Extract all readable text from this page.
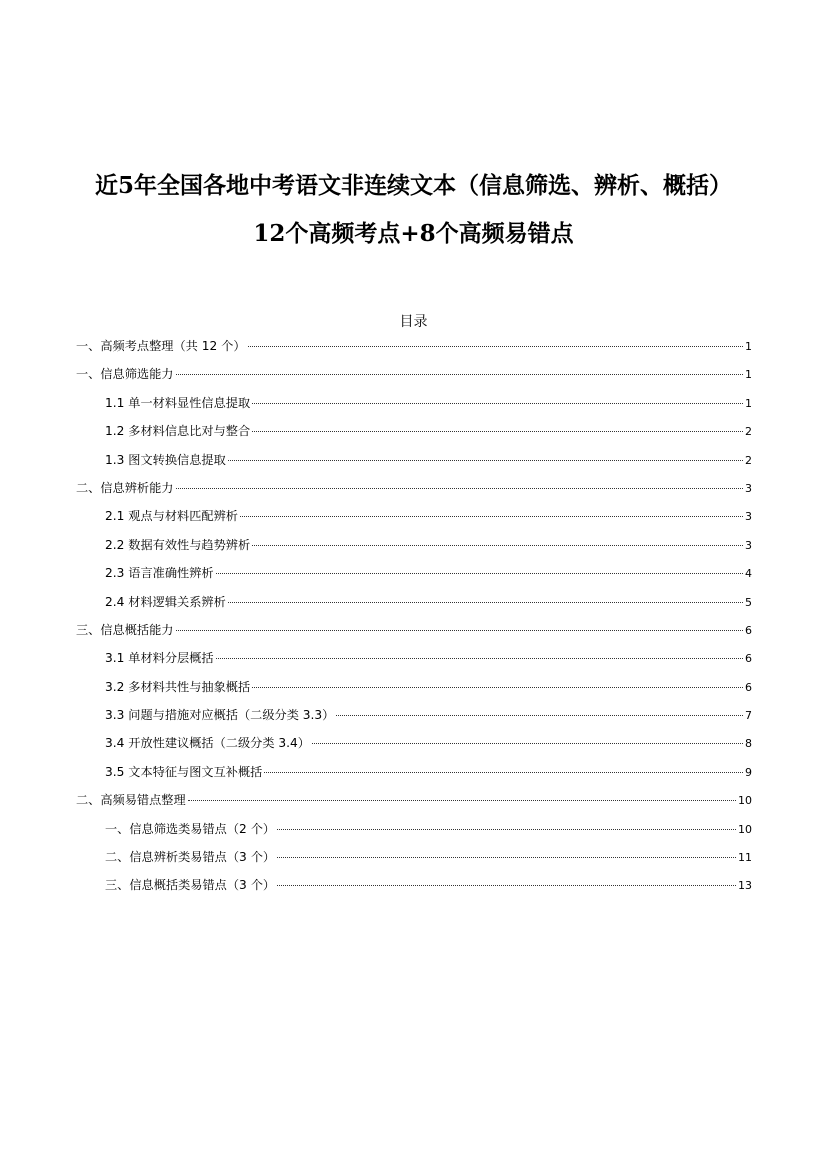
近5年全国各地中考语文非连续文本（信息筛选、辨析、概括）
12个高频考点+8个高频易错点
目录
一、高频考点整理（共 12 个）	1
一、信息筛选能力	1
1.1 单一材料显性信息提取	1
1.2 多材料信息比对与整合	2
1.3 图文转换信息提取	2
二、信息辨析能力	3
2.1 观点与材料匹配辨析	3
2.2 数据有效性与趋势辨析	3
2.3 语言准确性辨析	4
2.4 材料逻辑关系辨析	5
三、信息概括能力	6
3.1 单材料分层概括	6
3.2 多材料共性与抽象概括	6
3.3 问题与措施对应概括（二级分类 3.3）	7
3.4 开放性建议概括（二级分类 3.4）	8
3.5 文本特征与图文互补概括	9
二、高频易错点整理	10
一、信息筛选类易错点（2 个）	10
二、信息辨析类易错点（3 个）	11
三、信息概括类易错点（3 个）	13
